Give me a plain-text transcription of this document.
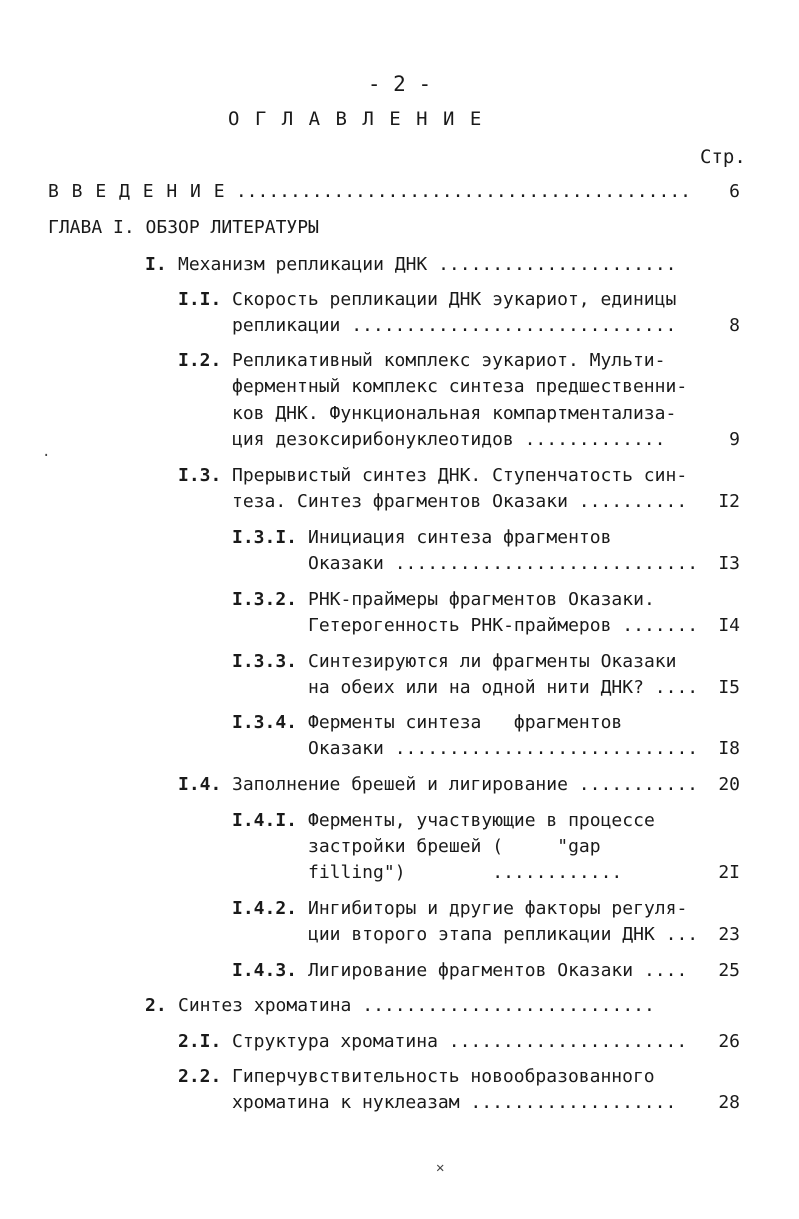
- 2 -
О Г Л А В Л Е Н И Е
Стр.
В В Е Д Е Н И Е ..........................................	6
ГЛАВА I. ОБЗОР ЛИТЕРАТУРЫ
I. Механизм репликации ДНК ......................
I.I. Скорость репликации ДНК эукариот, единицы
репликации ..............................	8
I.2. Репликативный комплекс эукариот. Мульти-
ферментный комплекс синтеза предшественни-
ков ДНК. Функциональная компартментализа-
ция дезоксирибонуклеотидов .............	9
I.3. Прерывистый синтез ДНК. Ступенчатость син-
теза. Синтез фрагментов Оказаки ..........	I2
I.3.I. Инициация синтеза фрагментов
Оказаки ............................	I3
I.3.2. РНК-праймеры фрагментов Оказаки.
Гетерогенность РНК-праймеров .......	I4
I.3.3. Синтезируются ли фрагменты Оказаки
на обеих или на одной нити ДНК? ....	I5
I.3.4. Ферменты синтеза   фрагментов
Оказаки ............................	I8
I.4. Заполнение брешей и лигирование ...........	20
I.4.I. Ферменты, участвующие в процессе
застройки брешей (     "gap
filling")        ............	2I
I.4.2. Ингибиторы и другие факторы регуля-
ции второго этапа репликации ДНК ...	23
I.4.3. Лигирование фрагментов Оказаки ....	25
2. Синтез хроматина ...........................
2.I. Структура хроматина ......................	26
2.2. Гиперчувствительность новообразованного
хроматина к нуклеазам ...................	28
·
✕
